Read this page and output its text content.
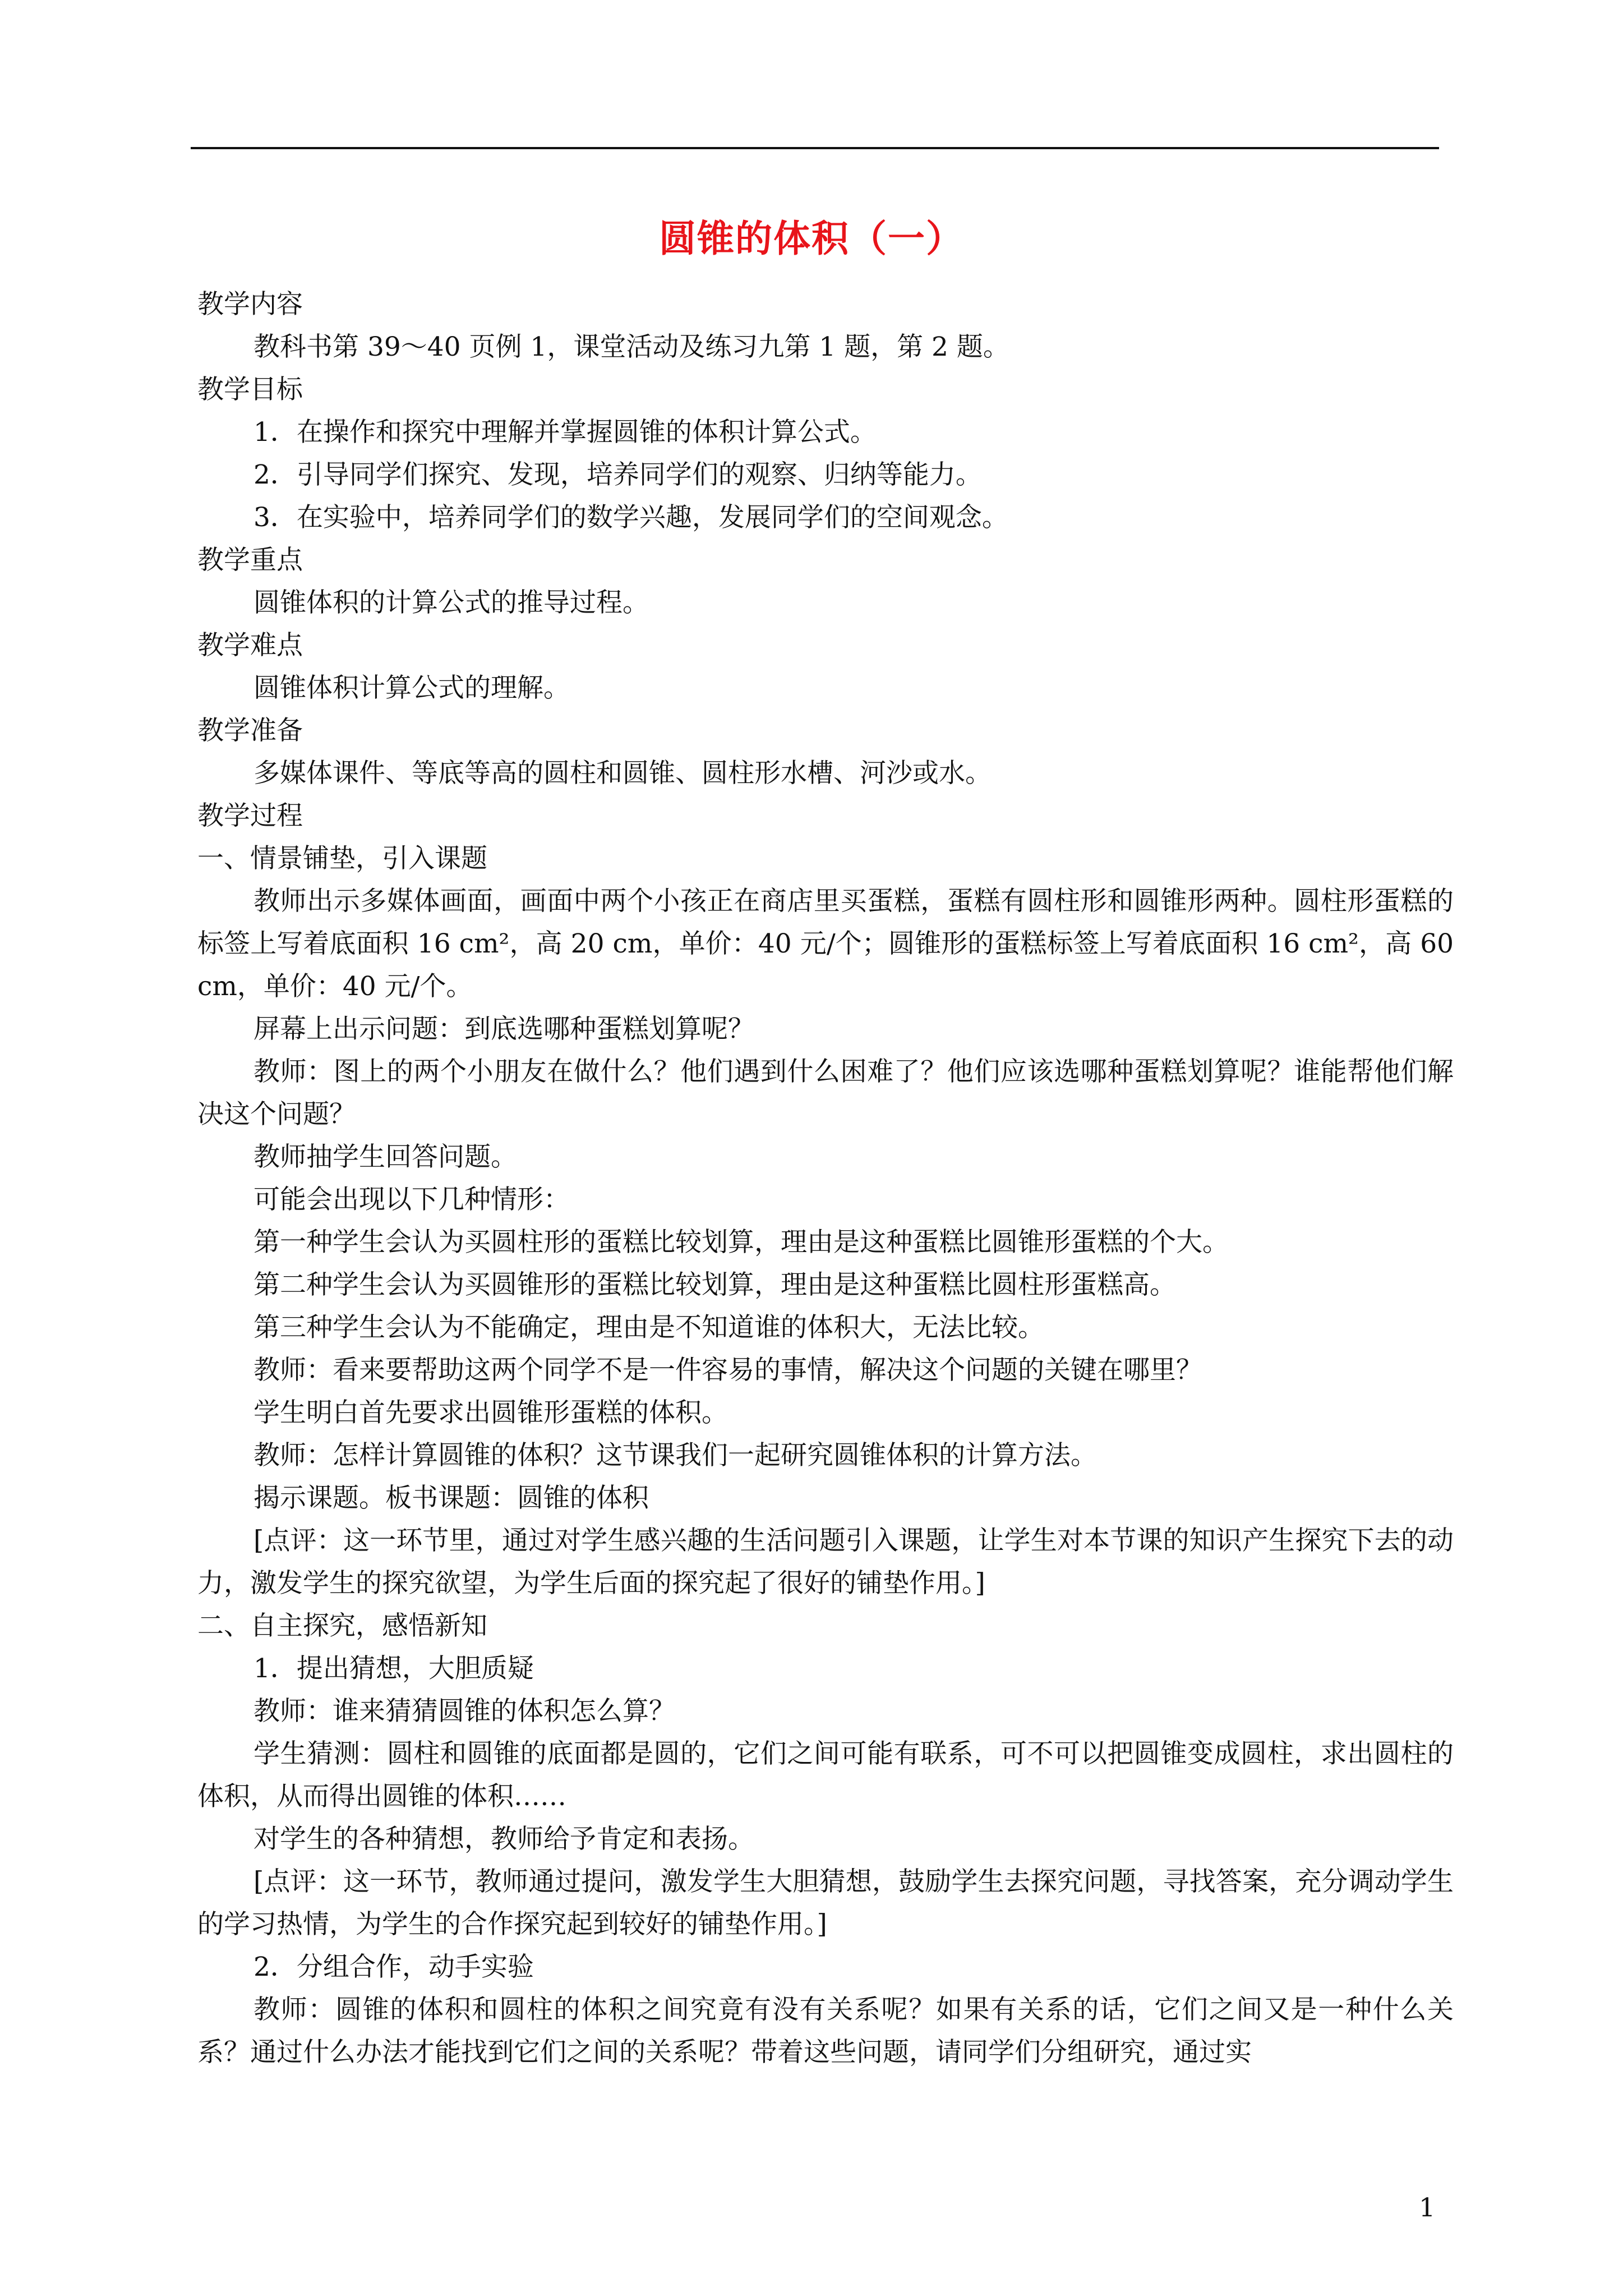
圆锥的体积（一）

教学内容

教科书第 39～40 页例 1，课堂活动及练习九第 1 题，第 2 题。

教学目标

1．在操作和探究中理解并掌握圆锥的体积计算公式。

2．引导同学们探究、发现，培养同学们的观察、归纳等能力。

3．在实验中，培养同学们的数学兴趣，发展同学们的空间观念。

教学重点

圆锥体积的计算公式的推导过程。

教学难点

圆锥体积计算公式的理解。

教学准备

多媒体课件、等底等高的圆柱和圆锥、圆柱形水槽、河沙或水。

教学过程

一、情景铺垫，引入课题

教师出示多媒体画面，画面中两个小孩正在商店里买蛋糕，蛋糕有圆柱形和圆锥形两种。圆柱形蛋糕的标签上写着底面积 16 cm²，高 20 cm，单价：40 元/个；圆锥形的蛋糕标签上写着底面积 16 cm²，高 60 cm，单价：40 元/个。

屏幕上出示问题：到底选哪种蛋糕划算呢？

教师：图上的两个小朋友在做什么？他们遇到什么困难了？他们应该选哪种蛋糕划算呢？谁能帮他们解决这个问题？

教师抽学生回答问题。

可能会出现以下几种情形：

第一种学生会认为买圆柱形的蛋糕比较划算，理由是这种蛋糕比圆锥形蛋糕的个大。

第二种学生会认为买圆锥形的蛋糕比较划算，理由是这种蛋糕比圆柱形蛋糕高。

第三种学生会认为不能确定，理由是不知道谁的体积大，无法比较。

教师：看来要帮助这两个同学不是一件容易的事情，解决这个问题的关键在哪里？

学生明白首先要求出圆锥形蛋糕的体积。

教师：怎样计算圆锥的体积？这节课我们一起研究圆锥体积的计算方法。

揭示课题。板书课题：圆锥的体积

[点评：这一环节里，通过对学生感兴趣的生活问题引入课题，让学生对本节课的知识产生探究下去的动力，激发学生的探究欲望，为学生后面的探究起了很好的铺垫作用。]

二、自主探究，感悟新知

1．提出猜想，大胆质疑

教师：谁来猜猜圆锥的体积怎么算？

学生猜测：圆柱和圆锥的底面都是圆的，它们之间可能有联系，可不可以把圆锥变成圆柱，求出圆柱的体积，从而得出圆锥的体积……

对学生的各种猜想，教师给予肯定和表扬。

[点评：这一环节，教师通过提问，激发学生大胆猜想，鼓励学生去探究问题，寻找答案，充分调动学生的学习热情，为学生的合作探究起到较好的铺垫作用。]

2．分组合作，动手实验

教师：圆锥的体积和圆柱的体积之间究竟有没有关系呢？如果有关系的话，它们之间又是一种什么关系？通过什么办法才能找到它们之间的关系呢？带着这些问题，请同学们分组研究，通过实

1
